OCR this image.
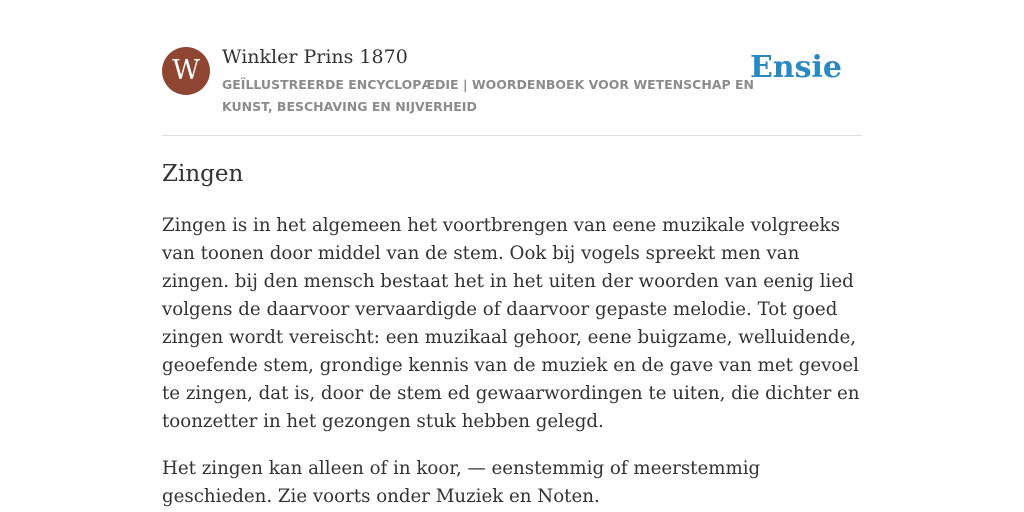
W	Winkler Prins 1870
GEÏLLUSTREERDE ENCYCLOPÆDIE | WOORDENBOEK VOOR WETENSCHAP EN KUNST, BESCHAVING EN NIJVERHEID
Ensie
Zingen

Zingen is in het algemeen het voortbrengen van eene muzikale volgreeks van toonen door middel van de stem. Ook bij vogels spreekt men van zingen. bij den mensch bestaat het in het uiten der woorden van eenig lied volgens de daarvoor vervaardigde of daarvoor gepaste melodie. Tot goed zingen wordt vereischt: een muzikaal gehoor, eene buigzame, welluidende, geoefende stem, grondige kennis van de muziek en de gave van met gevoel te zingen, dat is, door de stem ed gewaarwordingen te uiten, die dichter en toonzetter in het gezongen stuk hebben gelegd.

Het zingen kan alleen of in koor, — eenstemmig of meerstemmig geschieden. Zie voorts onder Muziek en Noten.
